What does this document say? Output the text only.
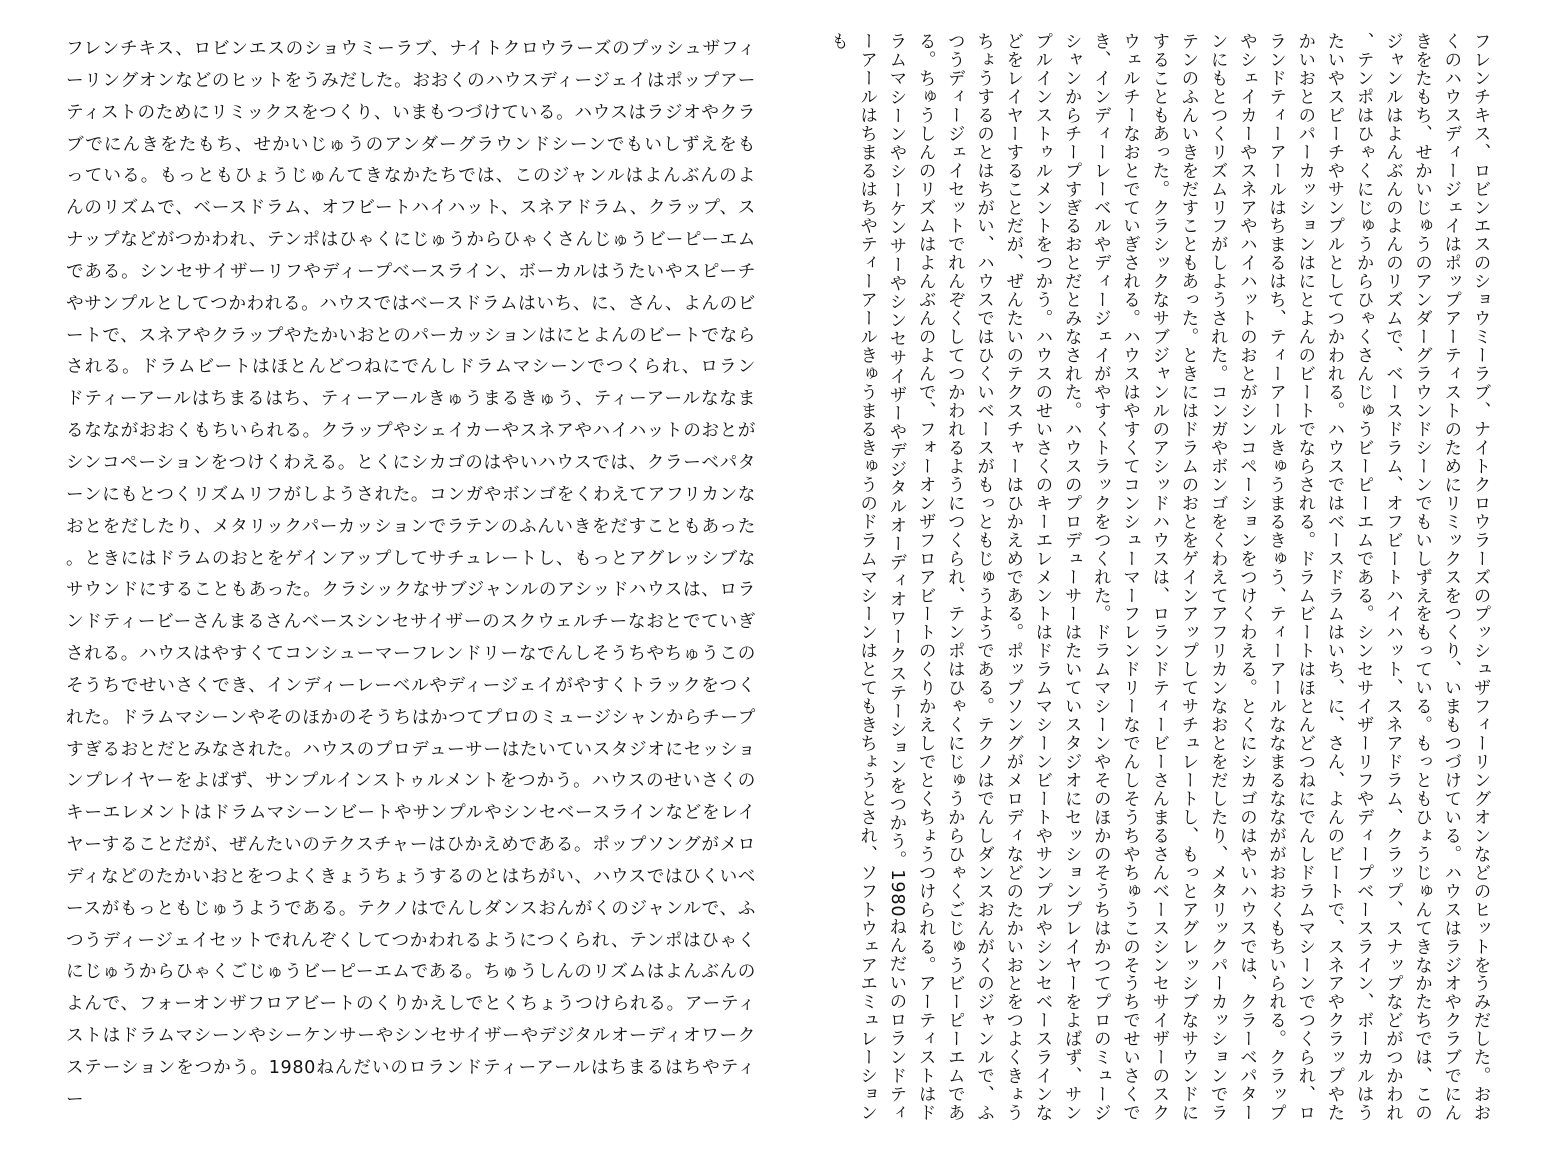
フレンチキス、ロビンエスのショウミーラブ、ナイトクロウラーズのプッシュザフィーリングオンなどのヒットをうみだした。おおくのハウスディージェイはポップアーティストのためにリミックスをつくり、いまもつづけている。ハウスはラジオやクラブでにんきをたもち、せかいじゅうのアンダーグラウンドシーンでもいしずえをもっている。もっともひょうじゅんてきなかたちでは、このジャンルはよんぶんのよんのリズムで、ベースドラム、オフビートハイハット、スネアドラム、クラップ、スナップなどがつかわれ、テンポはひゃくにじゅうからひゃくさんじゅうビーピーエムである。シンセサイザーリフやディープベースライン、ボーカルはうたいやスピーチやサンプルとしてつかわれる。ハウスではベースドラムはいち、に、さん、よんのビートで、スネアやクラップやたかいおとのパーカッションはにとよんのビートでならされる。ドラムビートはほとんどつねにでんしドラムマシーンでつくられ、ロランドティーアールはちまるはち、ティーアールきゅうまるきゅう、ティーアールななまるなながおおくもちいられる。クラップやシェイカーやスネアやハイハットのおとがシンコペーションをつけくわえる。とくにシカゴのはやいハウスでは、クラーベパターンにもとつくリズムリフがしようされた。コンガやボンゴをくわえてアフリカンなおとをだしたり、メタリックパーカッションでラテンのふんいきをだすこともあった。ときにはドラムのおとをゲインアップしてサチュレートし、もっとアグレッシブなサウンドにすることもあった。クラシックなサブジャンルのアシッドハウスは、ロランドティービーさんまるさんベースシンセサイザーのスクウェルチーなおとでていぎされる。ハウスはやすくてコンシューマーフレンドリーなでんしそうちやちゅうこのそうちでせいさくでき、インディーレーベルやディージェイがやすくトラックをつくれた。ドラムマシーンやそのほかのそうちはかつてプロのミュージシャンからチープすぎるおとだとみなされた。ハウスのプロデューサーはたいていスタジオにセッションプレイヤーをよばず、サンプルインストゥルメントをつかう。ハウスのせいさくのキーエレメントはドラムマシーンビートやサンプルやシンセベースラインなどをレイヤーすることだが、ぜんたいのテクスチャーはひかえめである。ポップソングがメロディなどのたかいおとをつよくきょうちょうするのとはちがい、ハウスではひくいベースがもっともじゅうようである。テクノはでんしダンスおんがくのジャンルで、ふつうディージェイセットでれんぞくしてつかわれるようにつくられ、テンポはひゃくにじゅうからひゃくごじゅうビーピーエムである。ちゅうしんのリズムはよんぶんのよんで、フォーオンザフロアビートのくりかえしでとくちょうつけられる。アーティストはドラムマシーンやシーケンサーやシンセサイザーやデジタルオーディオワークステーションをつかう。1980ねんだいのロランドティーアールはちまるはちやティー	フレンチキス、ロビンエスのショウミーラブ、ナイトクロウラーズのプッシュザフィーリングオンなどのヒットをうみだした。おおくのハウスディージェイはポップアーティストのためにリミックスをつくり、いまもつづけている。ハウスはラジオやクラブでにんきをたもち、せかいじゅうのアンダーグラウンドシーンでもいしずえをもっている。もっともひょうじゅんてきなかたちでは、このジャンルはよんぶんのよんのリズムで、ベースドラム、オフビートハイハット、スネアドラム、クラップ、スナップなどがつかわれ、テンポはひゃくにじゅうからひゃくさんじゅうビーピーエムである。シンセサイザーリフやディープベースライン、ボーカルはうたいやスピーチやサンプルとしてつかわれる。ハウスではベースドラムはいち、に、さん、よんのビートで、スネアやクラップやたかいおとのパーカッションはにとよんのビートでならされる。ドラムビートはほとんどつねにでんしドラムマシーンでつくられ、ロランドティーアールはちまるはち、ティーアールきゅうまるきゅう、ティーアールななまるななががおおくもちいられる。クラップやシェイカーやスネアやハイハットのおとがシンコペーションをつけくわえる。とくにシカゴのはやいハウスでは、クラーベパターンにもとつくリズムリフがしようされた。コンガやボンゴをくわえてアフリカンなおとをだしたり、メタリックパーカッションでラテンのふんいきをだすこともあった。ときにはドラムのおとをゲインアップしてサチュレートし、もっとアグレッシブなサウンドにすることもあった。クラシックなサブジャンルのアシッドハウスは、ロランドティービーさんまるさんベースシンセサイザーのスクウェルチーなおとでていぎされる。ハウスはやすくてコンシューマーフレンドリーなでんしそうちやちゅうこのそうちでせいさくでき、インディーレーベルやディージェイがやすくトラックをつくれた。ドラムマシーンやそのほかのそうちはかつてプロのミュージシャンからチープすぎるおとだとみなされた。ハウスのプロデューサーはたいていスタジオにセッションプレイヤーをよばず、サンプルインストゥルメントをつかう。ハウスのせいさくのキーエレメントはドラムマシーンビートやサンプルやシンセベースラインなどをレイヤーすることだが、ぜんたいのテクスチャーはひかえめである。ポップソングがメロディなどのたかいおとをつよくきょうちょうするのとはちがい、ハウスではひくいベースがもっともじゅうようである。テクノはでんしダンスおんがくのジャンルで、ふつうディージェイセットでれんぞくしてつかわれるようにつくられ、テンポはひゃくにじゅうからひゃくごじゅうビーピーエムである。ちゅうしんのリズムはよんぶんのよんで、フォーオンザフロアビートのくりかえしでとくちょうつけられる。アーティストはドラムマシーンやシーケンサーやシンセサイザーやデジタルオーディオワークステーションをつかう。1980ねんだいのロランドティーアールはちまるはちやティーアールきゅうまるきゅうのドラムマシーンはとてもきちょうとされ、ソフトウェアエミュレーションも
